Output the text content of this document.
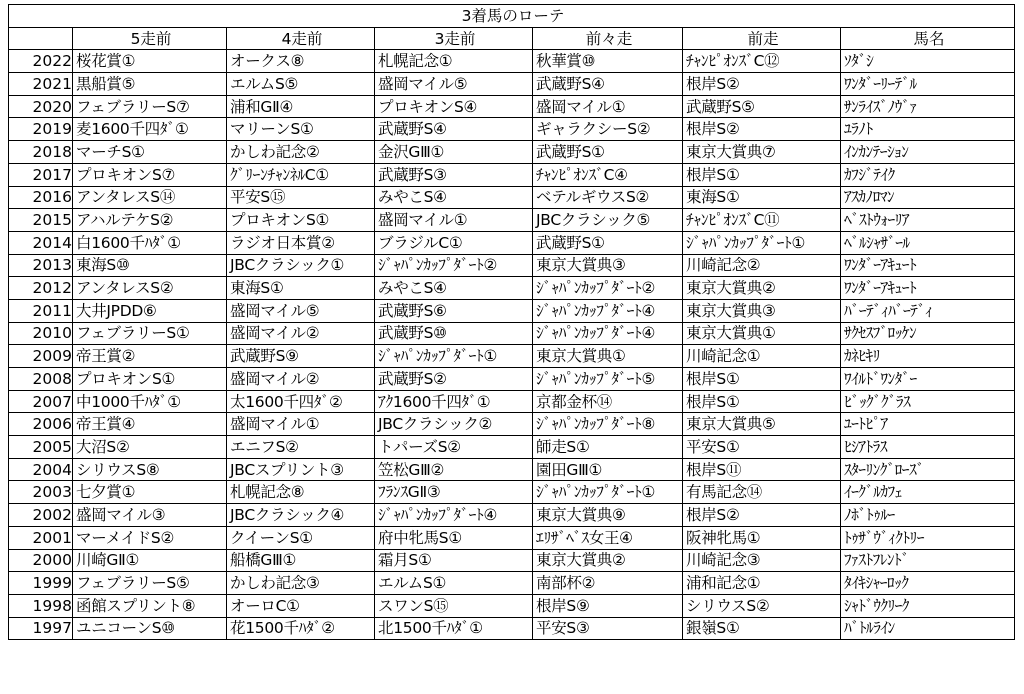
3着馬のローテ						
	5走前	4走前	3走前	前々走	前走	馬名
2022	桜花賞①	オークス⑧	札幌記念①	秋華賞⑩	ﾁｬﾝﾋﾟｵﾝｽﾞC⑫	ｿﾀﾞｼ
2021	黒船賞⑤	エルムS⑤	盛岡マイル⑤	武蔵野S④	根岸S②	ﾜﾝﾀﾞｰﾘｰﾃﾞﾙ
2020	フェブラリーS⑦	浦和GⅡ④	プロキオンS④	盛岡マイル①	武蔵野S⑤	ｻﾝﾗｲｽﾞﾉｳﾞｧ
2019	麦1600千四ﾀﾞ①	マリーンS①	武蔵野S④	ギャラクシーS②	根岸S②	ﾕﾗﾉﾄ
2018	マーチS①	かしわ記念②	金沢GⅢ①	武蔵野S①	東京大賞典⑦	ｲﾝｶﾝﾃｰｼｮﾝ
2017	プロキオンS⑦	ｸﾞﾘｰﾝﾁｬﾝﾈﾙC①	武蔵野S③	ﾁｬﾝﾋﾟｵﾝｽﾞC④	根岸S①	ｶﾌｼﾞﾃｲｸ
2016	アンタレスS⑭	平安S⑮	みやこS④	ベテルギウスS②	東海S①	ｱｽｶﾉﾛﾏﾝ
2015	アハルテケS②	プロキオンS①	盛岡マイル①	JBCクラシック⑤	ﾁｬﾝﾋﾟｵﾝｽﾞC⑪	ﾍﾞｽﾄｳｫｰﾘｱ
2014	白1600千ﾊﾀﾞ①	ラジオ日本賞②	ブラジルC①	武蔵野S①	ｼﾞｬﾊﾟﾝｶｯﾌﾟﾀﾞｰﾄ①	ﾍﾞﾙｼｬｻﾞｰﾙ
2013	東海S⑩	JBCクラシック①	ｼﾞｬﾊﾟﾝｶｯﾌﾟﾀﾞｰﾄ②	東京大賞典③	川崎記念②	ﾜﾝﾀﾞｰｱｷｭｰﾄ
2012	アンタレスS②	東海S①	みやこS④	ｼﾞｬﾊﾟﾝｶｯﾌﾟﾀﾞｰﾄ②	東京大賞典②	ﾜﾝﾀﾞｰｱｷｭｰﾄ
2011	大井JPDD⑥	盛岡マイル⑤	武蔵野S⑥	ｼﾞｬﾊﾟﾝｶｯﾌﾟﾀﾞｰﾄ④	東京大賞典③	ﾊﾞｰﾃﾞｨﾊﾞｰﾃﾞｨ
2010	フェブラリーS①	盛岡マイル②	武蔵野S⑩	ｼﾞｬﾊﾟﾝｶｯﾌﾟﾀﾞｰﾄ④	東京大賞典①	ｻｸｾｽﾌﾞﾛｯｹﾝ
2009	帝王賞②	武蔵野S⑨	ｼﾞｬﾊﾟﾝｶｯﾌﾟﾀﾞｰﾄ①	東京大賞典①	川崎記念①	ｶﾈﾋｷﾘ
2008	プロキオンS①	盛岡マイル②	武蔵野S②	ｼﾞｬﾊﾟﾝｶｯﾌﾟﾀﾞｰﾄ⑤	根岸S①	ﾜｲﾙﾄﾞﾜﾝﾀﾞｰ
2007	中1000千ﾊﾀﾞ①	太1600千四ﾀﾞ②	ｱｸ1600千四ﾀﾞ①	京都金杯⑭	根岸S①	ﾋﾞｯｸﾞｸﾞﾗｽ
2006	帝王賞④	盛岡マイル①	JBCクラシック②	ｼﾞｬﾊﾟﾝｶｯﾌﾟﾀﾞｰﾄ⑧	東京大賞典⑤	ﾕｰﾄﾋﾟｱ
2005	大沼S②	エニフS②	トパーズS②	師走S①	平安S①	ﾋｼｱﾄﾗｽ
2004	シリウスS⑧	JBCスプリント③	笠松GⅢ②	園田GⅢ①	根岸S⑪	ｽﾀｰﾘﾝｸﾞﾛｰｽﾞ
2003	七夕賞①	札幌記念⑧	ﾌﾗﾝｽGⅡ③	ｼﾞｬﾊﾟﾝｶｯﾌﾟﾀﾞｰﾄ①	有馬記念⑭	ｲｰｸﾞﾙｶﾌｪ
2002	盛岡マイル③	JBCクラシック④	ｼﾞｬﾊﾟﾝｶｯﾌﾟﾀﾞｰﾄ④	東京大賞典⑨	根岸S②	ﾉﾎﾞﾄｩﾙｰ
2001	マーメイドS②	クイーンS①	府中牝馬S①	ｴﾘｻﾞﾍﾞｽ女王④	阪神牝馬①	ﾄｩｻﾞｳﾞｨｸﾄﾘｰ
2000	川崎GⅡ①	船橋GⅢ①	霜月S①	東京大賞典②	川崎記念③	ﾌｧｽﾄﾌﾚﾝﾄﾞ
1999	フェブラリーS⑤	かしわ記念③	エルムS①	南部杯②	浦和記念①	ﾀｲｷｼｬｰﾛｯｸ
1998	函館スプリント⑧	オーロC①	スワンS⑮	根岸S⑨	シリウスS②	ｼｬﾄﾞｳｸﾘｰｸ
1997	ユニコーンS⑩	花1500千ﾊﾀﾞ②	北1500千ﾊﾀﾞ①	平安S③	銀嶺S①	ﾊﾞﾄﾙﾗｲﾝ
